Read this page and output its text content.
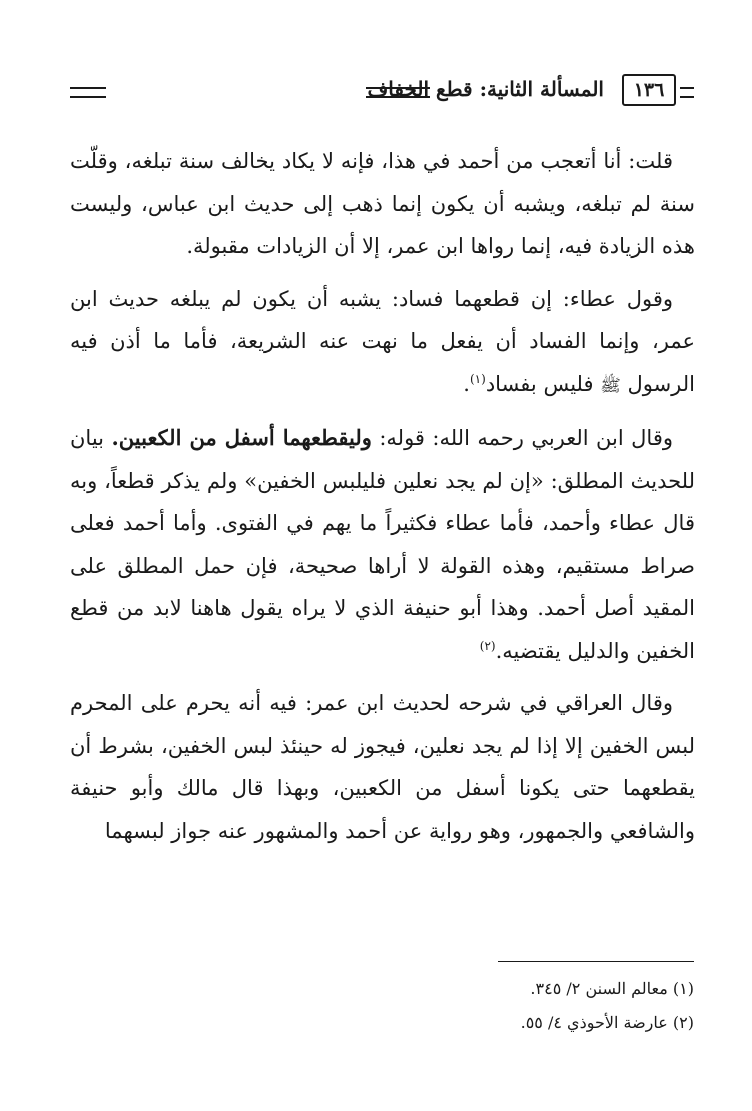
١٣٦
المسألة الثانية: قطع الخفاف

قلت: أنا أتعجب من أحمد في هذا، فإنه لا يكاد يخالف سنة تبلغه، وقلّت سنة لم تبلغه، ويشبه أن يكون إنما ذهب إلى حديث ابن عباس، وليست هذه الزيادة فيه، إنما رواها ابن عمر، إلا أن الزيادات مقبولة.

وقول عطاء: إن قطعهما فساد: يشبه أن يكون لم يبلغه حديث ابن عمر، وإنما الفساد أن يفعل ما نهت عنه الشريعة، فأما ما أذن فيه الرسول ﷺ فليس بفساد$^{(١)}$.

وقال ابن العربي رحمه الله: قوله: وليقطعهما أسفل من الكعبين. بيان للحديث المطلق: «إن لم يجد نعلين فليلبس الخفين» ولم يذكر قطعاً، وبه قال عطاء وأحمد، فأما عطاء فكثيراً ما يهم في الفتوى. وأما أحمد فعلى صراط مستقيم، وهذه القولة لا أراها صحيحة، فإن حمل المطلق على المقيد أصل أحمد. وهذا أبو حنيفة الذي لا يراه يقول هاهنا لابد من قطع الخفين والدليل يقتضيه.$^{(٢)}$

وقال العراقي في شرحه لحديث ابن عمر: فيه أنه يحرم على المحرم لبس الخفين إلا إذا لم يجد نعلين، فيجوز له حينئذ لبس الخفين، بشرط أن يقطعهما حتى يكونا أسفل من الكعبين، وبهذا قال مالك وأبو حنيفة والشافعي والجمهور، وهو رواية عن أحمد والمشهور عنه جواز لبسهما

(١) معالم السنن ٢/ ٣٤٥.

(٢) عارضة الأحوذي ٤/ ٥٥.
